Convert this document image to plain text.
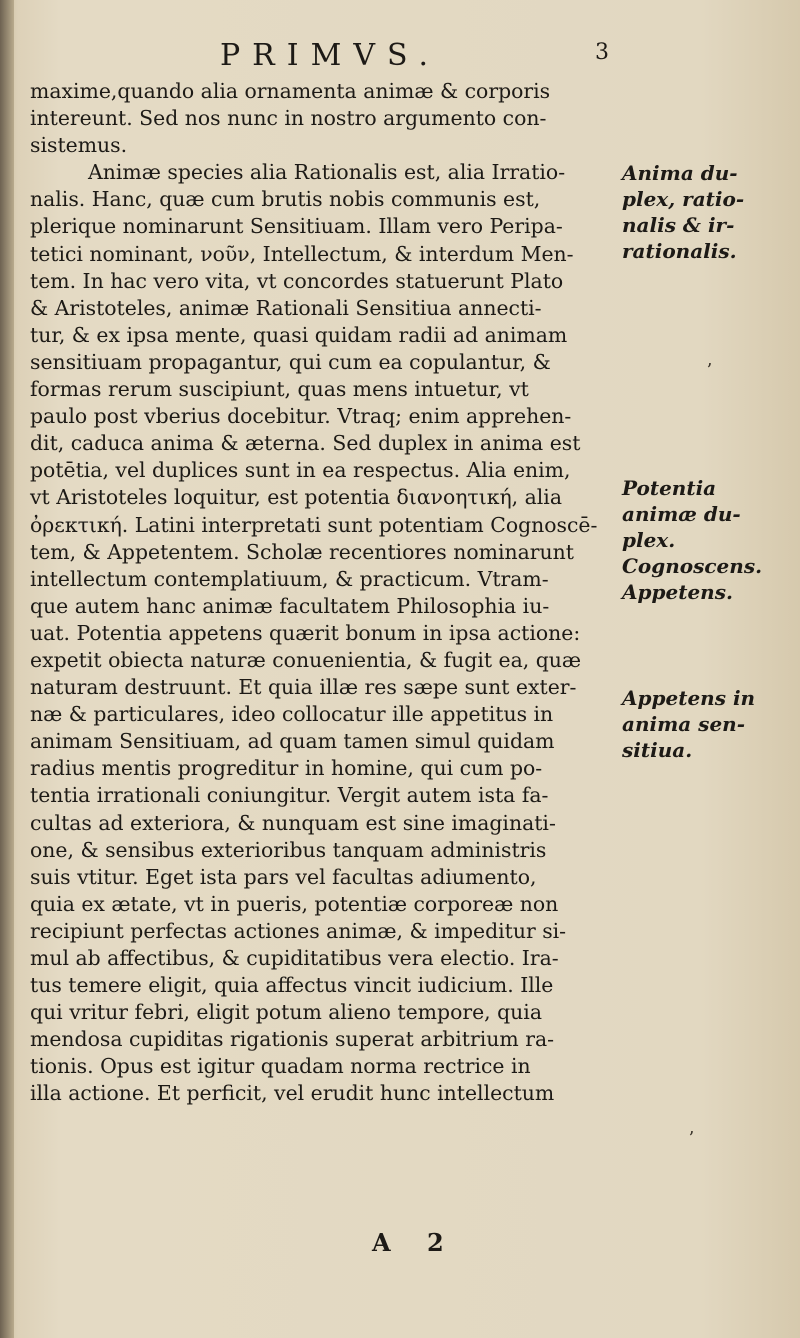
PRIMVS.	3
maxime,quando alia ornamenta animæ & corporis
intereunt. Sed nos nunc in nostro argumento con-
sistemus.
Animæ species alia Rationalis est, alia Irratio-
nalis. Hanc, quæ cum brutis nobis communis est,
plerique nominarunt Sensitiuam. Illam vero Peripa-
tetici nominant, νοῦν, Intellectum, & interdum Men-
tem. In hac vero vita, vt concordes statuerunt Plato
& Aristoteles, animæ Rationali Sensitiua annecti-
tur, & ex ipsa mente, quasi quidam radii ad animam
sensitiuam propagantur, qui cum ea copulantur, &
formas rerum suscipiunt, quas mens intuetur, vt
paulo post vberius docebitur. Vtraq; enim apprehen-
dit, caduca anima & æterna. Sed duplex in anima est
potētia, vel duplices sunt in ea respectus. Alia enim,
vt Aristoteles loquitur, est potentia διανοητική, alia
ὀρεκτική. Latini interpretati sunt potentiam Cognoscē-
tem, & Appetentem. Scholæ recentiores nominarunt
intellectum contemplatiuum, & practicum. Vtram-
que autem hanc animæ facultatem Philosophia iu-
uat. Potentia appetens quærit bonum in ipsa actione:
expetit obiecta naturæ conuenientia, & fugit ea, quæ
naturam destruunt. Et quia illæ res sæpe sunt exter-
næ & particulares, ideo collocatur ille appetitus in
animam Sensitiuam, ad quam tamen simul quidam
radius mentis progreditur in homine, qui cum po-
tentia irrationali coniungitur. Vergit autem ista fa-
cultas ad exteriora, & nunquam est sine imaginati-
one, & sensibus exterioribus tanquam administris
suis vtitur. Eget ista pars vel facultas adiumento,
quia ex ætate, vt in pueris, potentiæ corporeæ non
recipiunt perfectas actiones animæ, & impeditur si-
mul ab affectibus, & cupiditatibus vera electio. Ira-
tus temere eligit, quia affectus vincit iudicium. Ille
qui vritur febri, eligit potum alieno tempore, quia
mendosa cupiditas rigationis superat arbitrium ra-
tionis. Opus est igitur quadam norma rectrice in
illa actione. Et perficit, vel erudit hunc intellectum
Anima du-
plex, ratio-
nalis & ir-
rationalis.
Potentia
animæ du-
plex.
Cognoscens.
Appetens.
Appetens in
anima sen-
sitiua.
ʼ
ʼ
A 2
